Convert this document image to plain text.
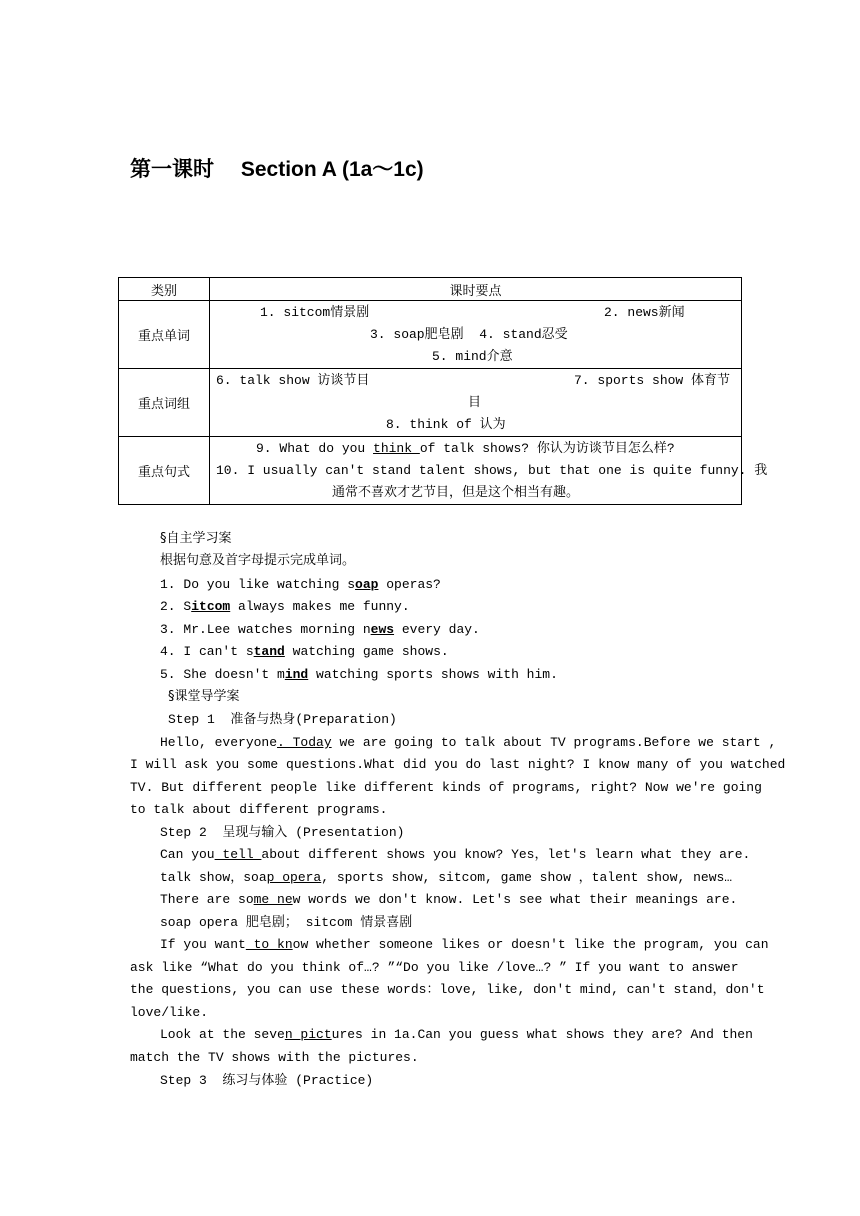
第一课时　 Section A (1a～1c)
类别	课时要点
重点单词	1. sitcom情景剧 2. news新闻
3. soap肥皂剧  4. stand忍受
5. mind介意

重点词组	6. talk show 访谈节目 7. sports show 体育节
目
8. think of 认为

重点句式	9. What do you think of talk shows? 你认为访谈节目怎么样?
10. I usually can't stand talent shows, but that one is quite funny. 我
通常不喜欢才艺节目，但是这个相当有趣。
§自主学习案
根据句意及首字母提示完成单词。
1. Do you like watching soap operas?
2. Sitcom always makes me funny.
3. Mr.Lee watches morning news every day.
4. I can't stand watching game shows.
5. She doesn't mind watching sports shows with him.
§课堂导学案
Step 1  准备与热身(Preparation)
Hello, everyone. Today we are going to talk about TV programs.Before we start ,
I will ask you some questions.What did you do last night? I know many of you watched
TV. But different people like different kinds of programs, right? Now we're going
to talk about different programs.
Step 2  呈现与输入 (Presentation)
Can you tell about different shows you know? Yes，let's learn what they are.
talk show，soap opera, sports show, sitcom, game show ，talent show, news…
There are some new words we don't know. Let's see what their meanings are.
soap opera 肥皂剧； sitcom 情景喜剧
If you want to know whether someone likes or doesn't like the program, you can
ask like “What do you think of…? ”“Do you like /love…? ” If you want to answer
the questions, you can use these words：love, like, don't mind, can't stand，don't
love/like.
Look at the seven pictures in 1a.Can you guess what shows they are? And then
match the TV shows with the pictures.
Step 3  练习与体验 (Practice)
